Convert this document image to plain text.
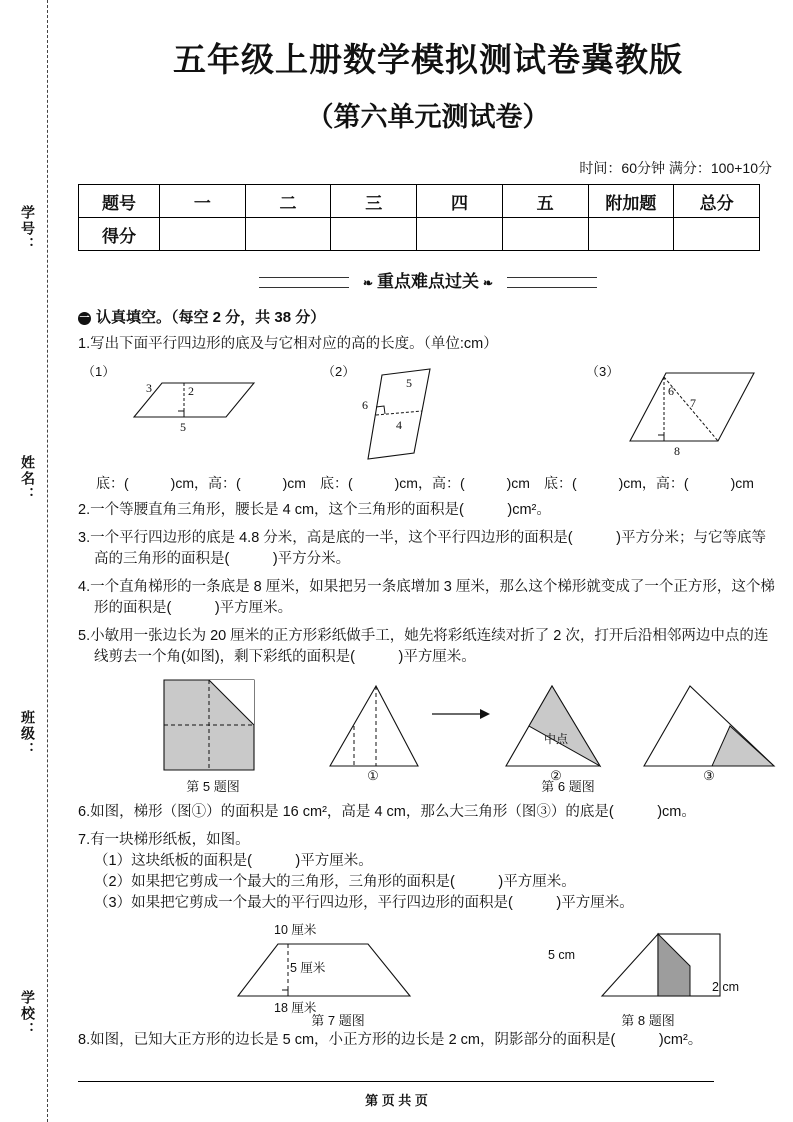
学号：
姓名：
班级：
学校：
五年级上册数学模拟测试卷冀教版
（第六单元测试卷）
时间：60分钟 满分：100+10分
题号	一	二	三	四	五	附加题	总分
得分							
❧ 重点难点过关 ❧
一 认真填空。（每空 2 分，共 38 分）
1.写出下面平行四边形的底及与它相对应的高的长度。（单位:cm）
（1）
3	2
5
（2）
5
6
4
（3）
6
7
8
底：(　　　)cm，高：(　　　)cm　底：(　　　)cm，高：(　　　)cm　底：(　　　)cm，高：(　　　)cm
2.一个等腰直角三角形，腰长是 4 cm，这个三角形的面积是(　　　)cm²。
3.一个平行四边形的底是 4.8 分米，高是底的一半，这个平行四边形的面积是(　　　)平方分米；与它等底等高的三角形的面积是(　　　)平方分米。
4.一个直角梯形的一条底是 8 厘米，如果把另一条底增加 3 厘米，那么这个梯形就变成了一个正方形，这个梯形的面积是(　　　)平方厘米。
5.小敏用一张边长为 20 厘米的正方形彩纸做手工，她先将彩纸连续对折了 2 次，打开后沿相邻两边中点的连线剪去一个角(如图)，剩下彩纸的面积是(　　　)平方厘米。
第 5 题图
①
中点
②	③
第 6 题图
6.如图，梯形（图①）的面积是 16 cm²，高是 4 cm，那么大三角形（图③）的底是(　　　)cm。
7.有一块梯形纸板，如图。
（1）这块纸板的面积是(　　　)平方厘米。
（2）如果把它剪成一个最大的三角形，三角形的面积是(　　　)平方厘米。
（3）如果把它剪成一个最大的平行四边形，平行四边形的面积是(　　　)平方厘米。
10 厘米
5 厘米
18 厘米
5 cm
2 cm
第 7 题图	第 8 题图
8.如图，已知大正方形的边长是 5 cm，小正方形的边长是 2 cm，阴影部分的面积是(　　　)cm²。
第 页 共 页
